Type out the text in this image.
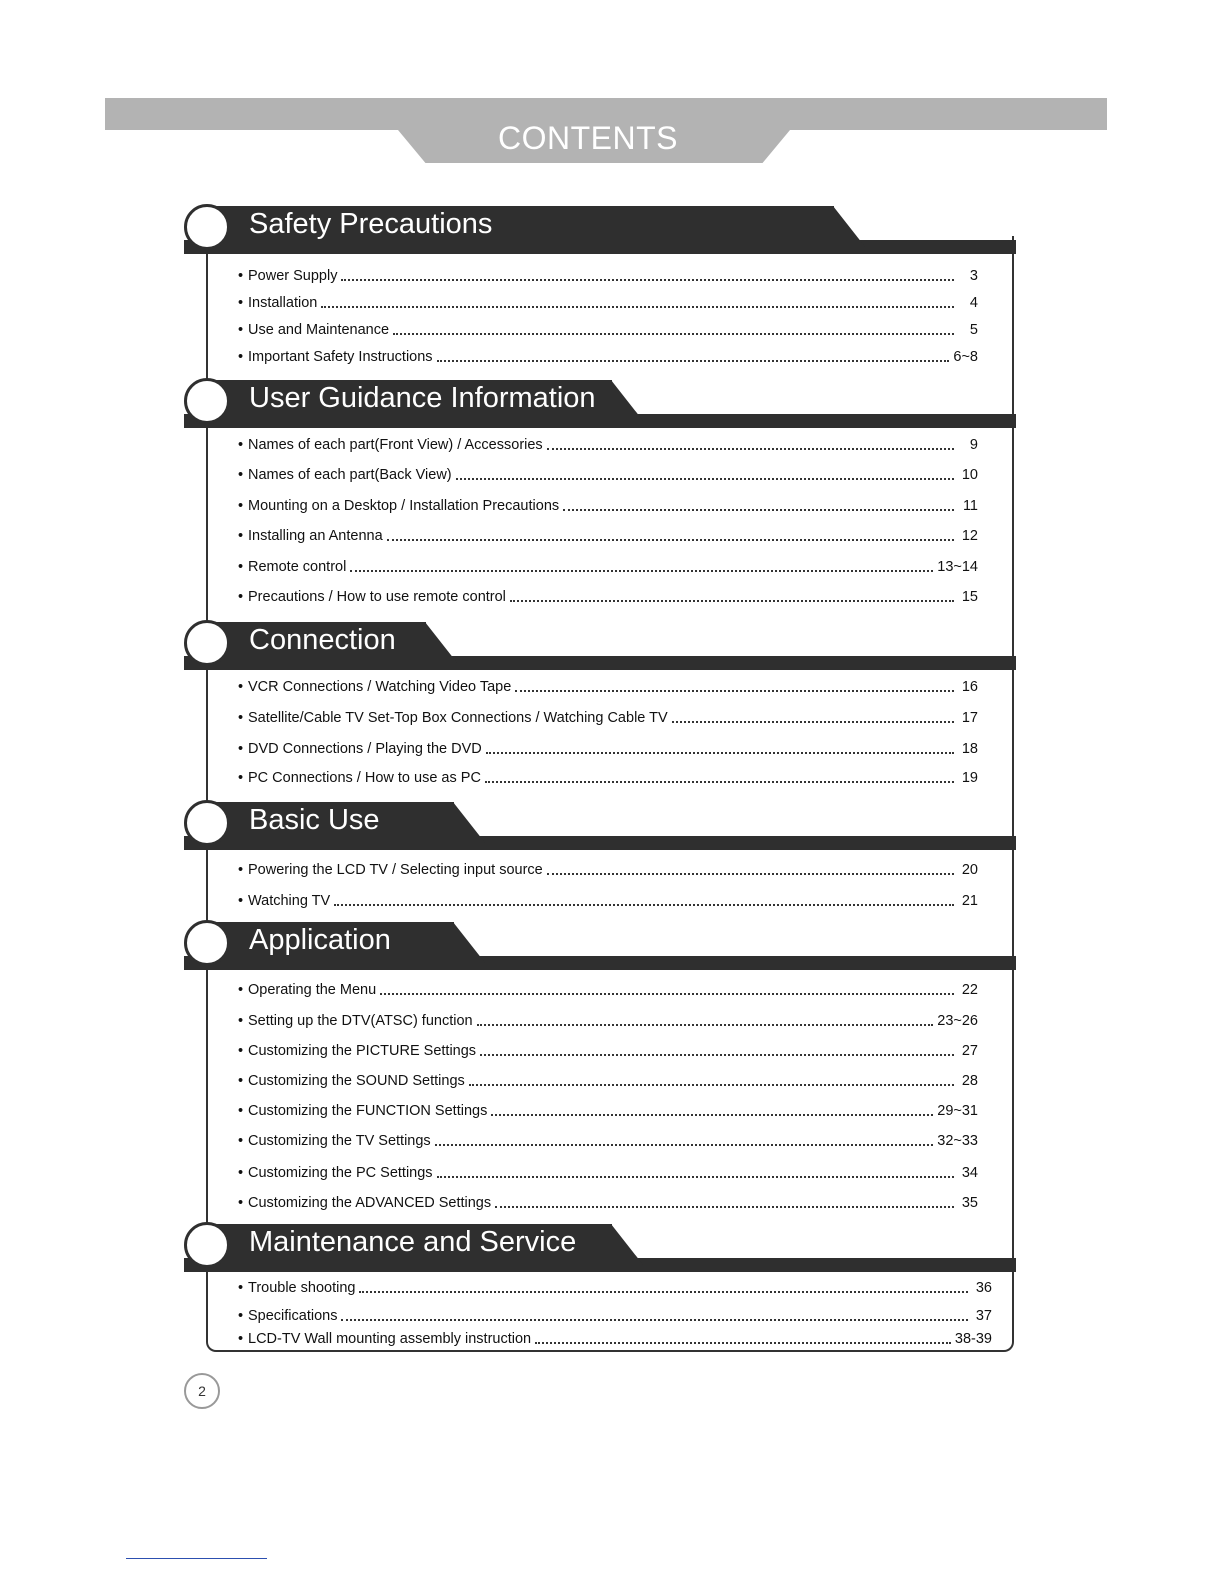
CONTENTS
Safety Precautions
• Power Supply	3
• Installation	4
• Use and Maintenance	5
• Important Safety Instructions	6~8
User Guidance Information
• Names of each part(Front View) / Accessories	9
• Names of each part(Back View)	10
• Mounting on a Desktop / Installation Precautions	11
• Installing an Antenna	12
• Remote control	13~14
• Precautions / How to use remote control	15
Connection
• VCR Connections / Watching Video Tape	16
• Satellite/Cable TV Set-Top Box Connections / Watching Cable TV	17
• DVD Connections / Playing the DVD	18
• PC Connections / How to use as PC	19
Basic Use
• Powering the LCD TV / Selecting input source	20
• Watching TV	21
Application
• Operating the Menu	22
• Setting up the DTV(ATSC) function	23~26
• Customizing the PICTURE Settings	27
• Customizing the SOUND Settings	28
• Customizing the FUNCTION Settings	29~31
• Customizing the TV Settings	32~33
• Customizing the PC Settings	34
• Customizing the ADVANCED Settings	35
Maintenance and Service
• Trouble shooting	36
• Specifications	37
• LCD-TV Wall mounting assembly instruction	38-39
2
